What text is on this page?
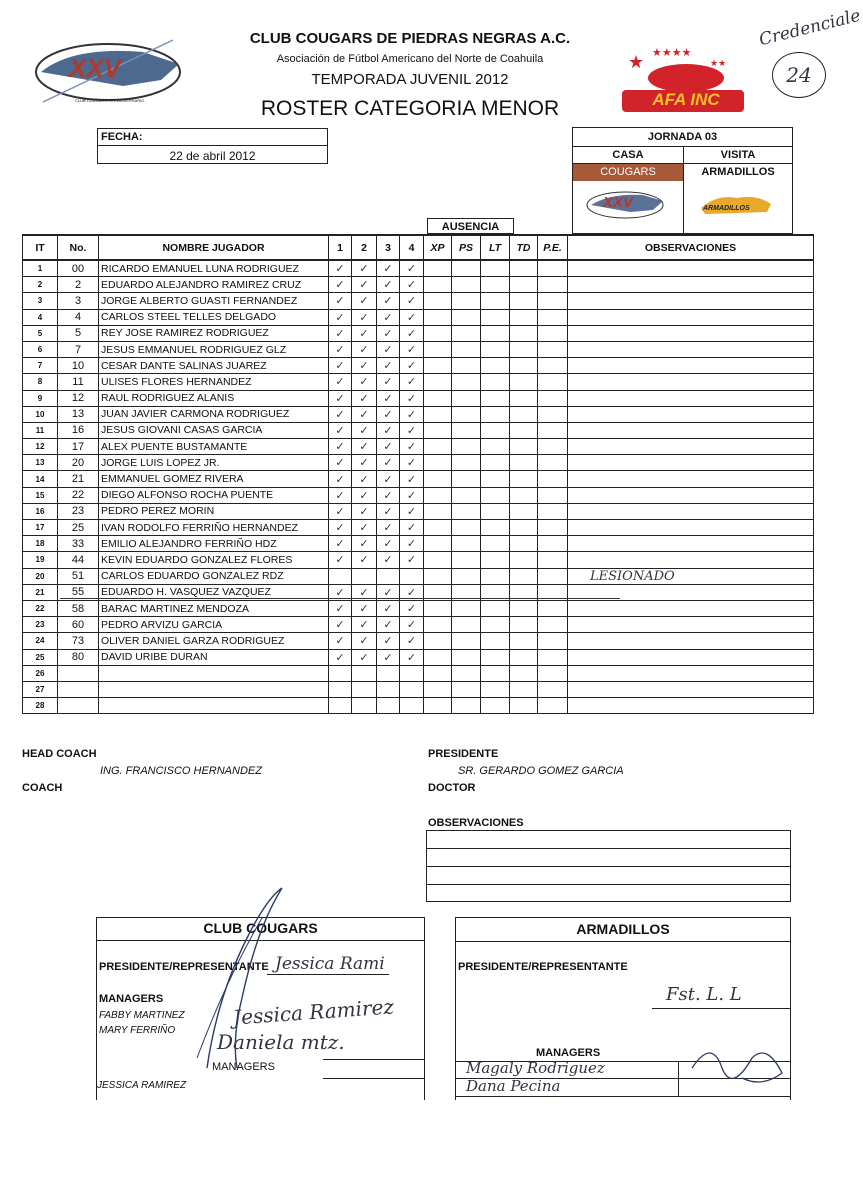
XXV
CLUB COUGARS XXV ANIVERSARIO
CLUB COUGARS DE PIEDRAS NEGRAS A.C.
Asociación de Fútbol Americano del Norte de Coahuila
TEMPORADA JUVENIL 2012
ROSTER CATEGORIA MENOR
★ ★★★★
★★
AFA INC
Credenciale
24
FECHA:
22 de abril 2012
JORNADA 03
CASA	VISITA
COUGARS	ARMADILLOS
XXV	ARMADILLOS
AUSENCIA
IT	No.	NOMBRE JUGADOR	1	2	3	4	XP	PS	LT	TD	P.E.	OBSERVACIONES
1	00	RICARDO EMANUEL LUNA RODRIGUEZ	✓	✓	✓	✓						
2	2	EDUARDO ALEJANDRO RAMIREZ CRUZ	✓	✓	✓	✓						
3	3	JORGE ALBERTO GUASTI FERNANDEZ	✓	✓	✓	✓						
4	4	CARLOS STEEL TELLES DELGADO	✓	✓	✓	✓						
5	5	REY JOSE RAMIREZ RODRIGUEZ	✓	✓	✓	✓						
6	7	JESUS EMMANUEL RODRIGUEZ GLZ	✓	✓	✓	✓						
7	10	CESAR DANTE SALINAS JUAREZ	✓	✓	✓	✓						
8	11	ULISES FLORES HERNANDEZ	✓	✓	✓	✓						
9	12	RAUL RODRIGUEZ ALANIS	✓	✓	✓	✓						
10	13	JUAN JAVIER CARMONA RODRIGUEZ	✓	✓	✓	✓						
11	16	JESUS GIOVANI CASAS GARCIA	✓	✓	✓	✓						
12	17	ALEX PUENTE BUSTAMANTE	✓	✓	✓	✓						
13	20	JORGE LUIS LOPEZ JR.	✓	✓	✓	✓						
14	21	EMMANUEL GOMEZ RIVERA	✓	✓	✓	✓						
15	22	DIEGO ALFONSO ROCHA PUENTE	✓	✓	✓	✓						
16	23	PEDRO PEREZ MORIN	✓	✓	✓	✓						
17	25	IVAN RODOLFO FERRIÑO HERNANDEZ	✓	✓	✓	✓						
18	33	EMILIO ALEJANDRO FERRIÑO HDZ	✓	✓	✓	✓						
19	44	KEVIN EDUARDO GONZALEZ FLORES	✓	✓	✓	✓						
20	51	CARLOS EDUARDO GONZALEZ RDZ										LESIONADO
21	55	EDUARDO H. VASQUEZ VAZQUEZ	✓	✓	✓	✓						
22	58	BARAC MARTINEZ MENDOZA	✓	✓	✓	✓						
23	60	PEDRO ARVIZU GARCIA	✓	✓	✓	✓						
24	73	OLIVER DANIEL GARZA RODRIGUEZ	✓	✓	✓	✓						
25	80	DAVID URIBE DURAN	✓	✓	✓	✓						
26												
27												
28												
HEAD COACH
ING. FRANCISCO HERNANDEZ
COACH
PRESIDENTE
SR. GERARDO GOMEZ GARCIA
DOCTOR
OBSERVACIONES
CLUB COUGARS
PRESIDENTE/REPRESENTANTE Jessica Rami
MANAGERS
FABBY MARTINEZ
MARY FERRIÑO
Jessica Ramirez
Daniela mtz.
MANAGERS
JESSICA RAMIREZ
ARMADILLOS
PRESIDENTE/REPRESENTANTE
Fst. L. L
MANAGERS
Magaly Rodriguez
Dana Pecina
